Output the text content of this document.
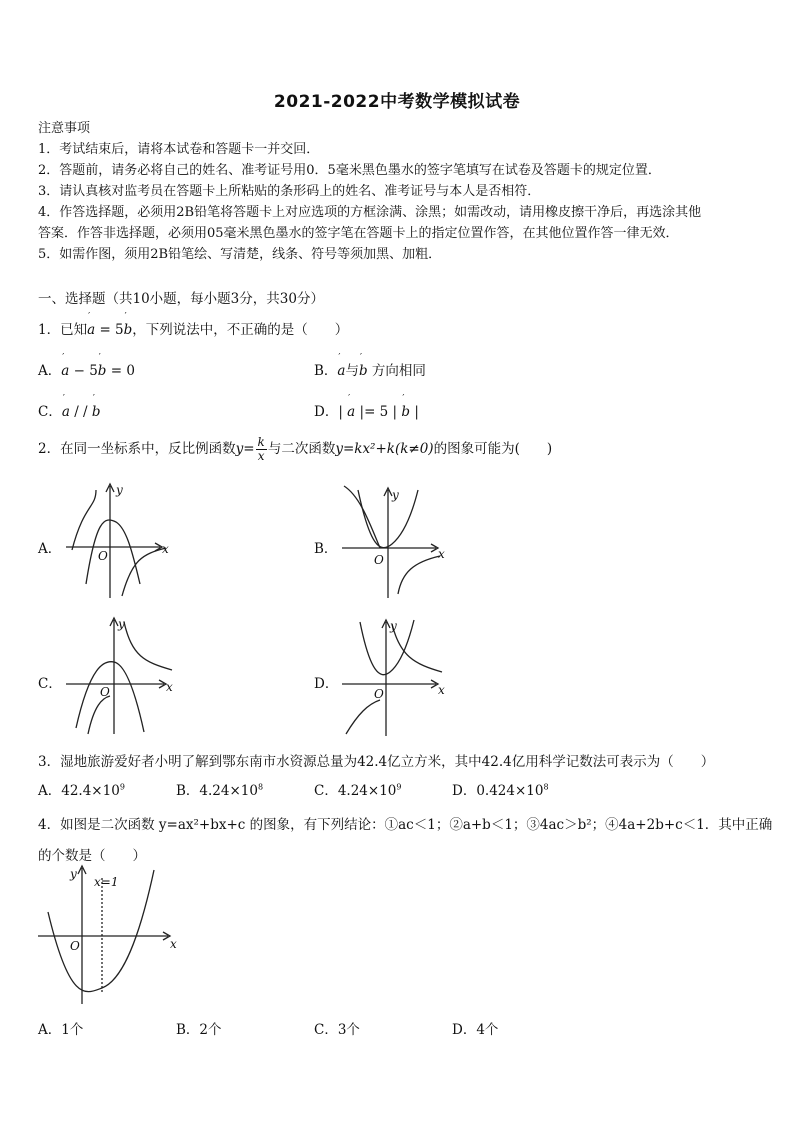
2021-2022中考数学模拟试卷
注意事项
1．考试结束后，请将本试卷和答题卡一并交回．
2．答题前，请务必将自己的姓名、准考证号用0．5毫米黑色墨水的签字笔填写在试卷及答题卡的规定位置．
3．请认真核对监考员在答题卡上所粘贴的条形码上的姓名、准考证号与本人是否相符．
4．作答选择题，必须用2B铅笔将答题卡上对应选项的方框涂满、涂黑；如需改动，请用橡皮擦干净后，再选涂其他
答案．作答非选择题，必须用05毫米黑色墨水的签字笔在答题卡上的指定位置作答，在其他位置作答一律无效．
5．如需作图，须用2B铅笔绘、写清楚，线条、符号等须加黑、加粗．
一、选择题（共10小题，每小题3分，共30分）
1．已知′ a = 5′ b，下列说法中，不正确的是（　　）
A．′ a − 5′ b = 0	B．′ a与′ b 方向相同
C．′ a / / ′ b	D．| ′ a |= 5 | ′ b |
2．在同一坐标系中，反比例函数$y= \frac{k}{x}$ 与二次函数y=kx²+k(k≠0)的图象可能为(　　)
A．	B．
C．	D．
x
y
O	x
y
O
x
y
O	x
y
O
3．湿地旅游爱好者小明了解到鄂东南市水资源总量为42.4亿立方米，其中42.4亿用科学记数法可表示为（　　）
A．$42.4\times 10^9$	B．$4.24\times 10^8$	C．$4.24\times 10^9$	D．$0.424\times 10^8$
4．如图是二次函数 y=ax²+bx+c 的图象，有下列结论：①ac＜1；②a+b＜1；③4ac＞b²；④4a+2b+c＜1．其中正确
的个数是（　　）
x=1
x
y
O
A．1个	B．2个	C．3个	D．4个
